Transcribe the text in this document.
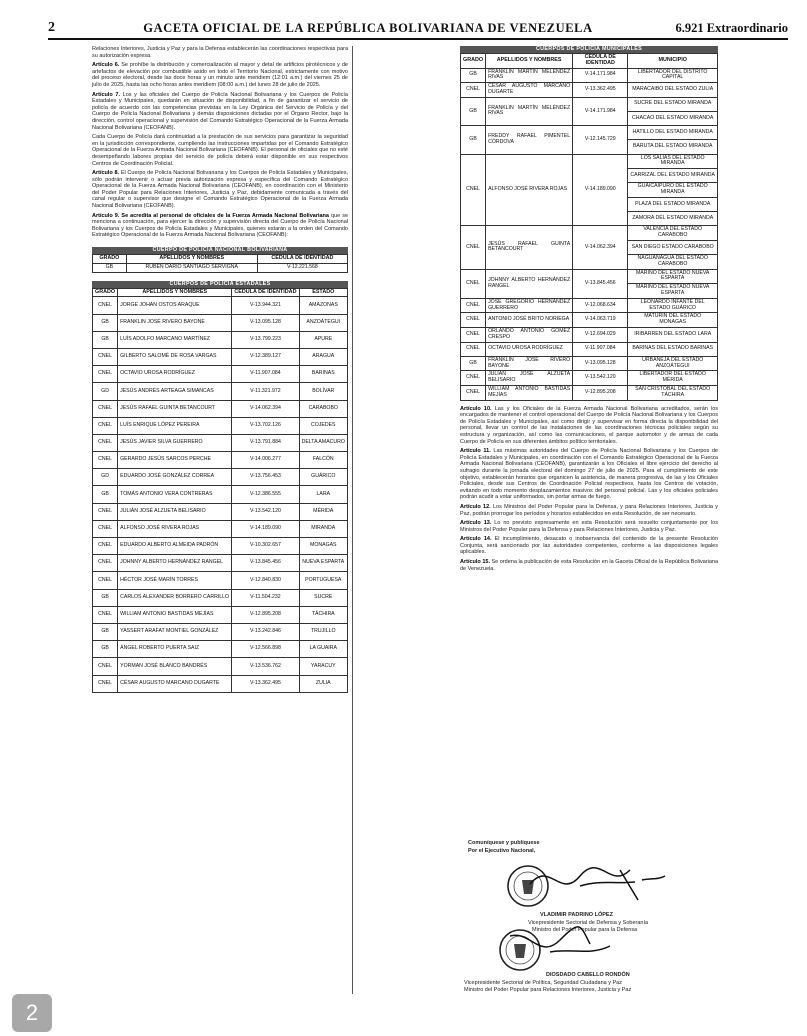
2	GACETA OFICIAL DE LA REPÚBLICA BOLIVARIANA DE VENEZUELA	6.921 Extraordinario

Relaciones Interiores, Justicia y Paz y para la Defensa establecerán las coordinaciones respectivas para su autorización expresa.

Artículo 6. Se prohíbe la distribución y comercialización al mayor y detal de artificios pirotécnicos y de artefactos de elevación por combustible asido en todo el Territorio Nacional, estrictamente con motivo del proceso electoral, desde las doce horas y un minuto ante meridiem (12:01 a.m.) del viernes 25 de julio de 2025, hasta las ocho horas antes meridiem (08:00 a.m.) del lunes 28 de julio de 2025.

Artículo 7. Los y las oficiales del Cuerpo de Policía Nacional Bolivariana y los Cuerpos de Policía Estadales y Municipales, quedarán en situación de disponibilidad, a fin de garantizar el servicio de policía de acuerdo con las competencias previstas en la Ley Orgánica del Servicio de Policía y del Cuerpo de Policía Nacional Bolivariana y demás disposiciones dictadas por el Órgano Rector, bajo la dirección, control operacional y supervisión del Comando Estratégico Operacional de la Fuerza Armada Nacional Bolivariana (CEOFANB).

Cada Cuerpo de Policía dará continuidad a la prestación de sus servicios para garantizar la seguridad en la jurisdicción correspondiente, cumpliendo las instrucciones impartidas por el Comando Estratégico Operacional de la Fuerza Armada Nacional Bolivariana (CEOFANB). El personal de oficiales que no esté desempeñando labores propias del servicio de policía deberá estar disponible en sus respectivos Centros de Coordinación Policial.

Artículo 8. El Cuerpo de Policía Nacional Bolivariana y los Cuerpos de Policía Estadales y Municipales, sólo podrán intervenir o actuar previa autorización expresa y específica del Comando Estratégico Operacional de la Fuerza Armada Nacional Bolivariana (CEOFANB), en coordinación con el Ministerio del Poder Popular para Relaciones Interiores, Justicia y Paz, debidamente comunicada a través del canal regular o supervisor que designe el Comando Estratégico Operacional de la Fuerza Armada Nacional Bolivariana (CEOFANB).

Artículo 9. Se acredita al personal de oficiales de la Fuerza Armada Nacional Bolivariana que se menciona a continuación, para ejercer la dirección y supervisión directa del Cuerpo de Policía Nacional Bolivariana y los Cuerpos de Policía Estadales y Municipales, quienes estarán a la orden del Comando Estratégico Operacional de la Fuerza Armada Nacional Bolivariana (CEOFANB):

CUERPO DE POLICÍA NACIONAL BOLIVARIANA
GRADO	APELLIDOS Y NOMBRES	CÉDULA DE IDENTIDAD
GB	RUBÉN DARÍO SANTIAGO SERVIGNA	V-12.221.568
CUERPOS DE POLICÍA ESTADALES
GRADO	APELLIDOS Y NOMBRES	CÉDULA DE IDENTIDAD	ESTADO
CNEL	JORGE JOHAN OSTOS ARAQUE	V-13.944.321	AMAZONAS
GB	FRANKLIN JOSÉ RIVERO BAYONE	V-13.095.128	ANZOÁTEGUI
GB	LUÍS ADOLFO MARCANO MARTÍNEZ	V-13.799.223	APURE
CNEL	GILBERTO SALOMÉ DE ROSA VARGAS	V-12.389.127	ARAGUA
CNEL	OCTAVIO UROSA RODRÍGUEZ	V-11.907.084	BARINAS
GD	JESÚS ANDRÉS ARTEAGA SIMANCAS	V-11.321.972	BOLÍVAR
CNEL	JESÚS RAFAEL GUINTA BETANCOURT	V-14.062.394	CARABOBO
CNEL	LUÍS ENRIQUE LÓPEZ PEREIRA	V-13.702.126	COJEDES
CNEL	JESÚS JAVIER SILVA GUERRERO	V-13.791.884	DELTA AMACURO
CNEL	GERARDO JESÚS SARCOS PERCHE	V-14.006.277	FALCÓN
GD	EDUARDO JOSÉ GONZÁLEZ CORREA	V-13.756.453	GUÁRICO
GB	TOMÁS ANTONIO VERA CONTRERAS	V-12.386.555	LARA
CNEL	JULIÁN JOSÉ ALZUETA BELISARIO	V-13.542.120	MÉRIDA
CNEL	ALFONSO JOSÉ RIVERA ROJAS	V-14.189.090	MIRANDA
CNEL	EDUARDO ALBERTO ALMEIDA PADRÓN	V-10.302.657	MONAGAS
CNEL	JOHNNY ALBERTO HERNÁNDEZ RANGEL	V-13.845.456	NUEVA ESPARTA
CNEL	HÉCTOR JOSÉ MARÍN TORRES	V-12.840.830	PORTUGUESA
GB	CARLOS ALEXANDER BORRERO CARRILLO	V-11.504.232	SUCRE
CNEL	WILLIAM ANTONIO BASTIDAS MEJÍAS	V-12.895.208	TÁCHIRA
GB	YASSERT ARAFAT MONTIEL GONZÁLEZ	V-13.242.846	TRUJILLO
GB	ÁNGEL ROBERTO PUERTA SAIZ	V-12.566.898	LA GUAIRA
CNEL	YORMAN JOSÉ BLANCO BANDRÉS	V-13.536.762	YARACUY
CNEL	CÉSAR AUGUSTO MARCANO DUGARTE	V-13.362.495	ZULIA
CUERPOS DE POLICÍA MUNICIPALES
GRADO	APELLIDOS Y NOMBRES	CÉDULA DE IDENTIDAD	MUNICIPIO
GB	FRANKLIN MARTÍN MELÉNDEZ RIVAS	V-14.171.984	LIBERTADOR DEL DISTRITO CAPITAL
CNEL	CÉSAR AUGUSTO MARCANO DUGARTE	V-13.362.495	MARACAIBO DEL ESTADO ZULIA
GB	FRANKLIN MARTÍN MELÉNDEZ RIVAS	V-14.171.984	SUCRE DEL ESTADO MIRANDA
			CHACAO DEL ESTADO MIRANDA
GB	FREDDY RAFAEL PIMENTEL CÓRDOVA	V-12.145.729	HATILLO DEL ESTADO MIRANDA
			BARUTA DEL ESTADO MIRANDA
CNEL	ALFONSO JOSÉ RIVERA ROJAS	V-14.189.090	LOS SALIAS DEL ESTADO MIRANDA
			CARRIZAL DEL ESTADO MIRANDA
			GUAICAIPURO DEL ESTADO MIRANDA
			PLAZA DEL ESTADO MIRANDA
			ZAMORA DEL ESTADO MIRANDA
CNEL	JESÚS RAFAEL GUINTA BETANCOURT	V-14.062.394	VALENCIA DEL ESTADO CARABOBO
			SAN DIEGO ESTADO CARABOBO
			NAGUANAGUA DEL ESTADO CARABOBO
CNEL	JOHNNY ALBERTO HERNÁNDEZ RANGEL	V-13.845.456	MARIÑO DEL ESTADO NUEVA ESPARTA
			MARIÑO DEL ESTADO NUEVA ESPARTA
CNEL	JOSÉ GREGORIO HERNÁNDEZ GUERRERO	V-12.068.634	LEONARDO INFANTE DEL ESTADO GUÁRICO
CNEL	ANTONIO JOSÉ BRITO NORIEGA	V-14.063.719	MATURÍN DEL ESTADO MONAGAS
CNEL	ORLANDO ANTONIO GÓMEZ CRESPO	V-12.694.029	IRIBARREN DEL ESTADO LARA
CNEL	OCTAVIO UROSA RODRÍGUEZ	V-11.907.084	BARINAS DEL ESTADO BARINAS
GB	FRANKLIN JOSÉ RIVERO BAYONE	V-13.095.128	URBANEJA DEL ESTADO ANZOÁTEGUI
CNEL	JULIÁN JOSÉ ALZUETA BELISARIO	V-13.542.120	LIBERTADOR DEL ESTADO MÉRIDA
CNEL	WILLIAM ANTONIO BASTIDAS MEJÍAS	V-12.895.208	SAN CRISTÓBAL DEL ESTADO TÁCHIRA

Artículo 10. Las y los Oficiales de la Fuerza Armada Nacional Bolivariana acreditados, serán los encargados de mantener el control operacional del Cuerpo de Policía Nacional Bolivariana y los Cuerpos de Policía Estadales y Municipales, así como dirigir y supervisar en forma directa la disponibilidad del personal, llevar un control de las instalaciones de las coordinaciones técnicas policiales según su estructura y organización, así como las comunicaciones, el parque automotor y de armas de cada Cuerpo de Policía en sus diferentes ámbitos político territoriales.

Artículo 11. Las máximas autoridades del Cuerpo de Policía Nacional Bolivariana y los Cuerpos de Policía Estadales y Municipales, en coordinación con el Comando Estratégico Operacional de la Fuerza Armada Nacional Bolivariana (CEOFANB), garantizarán a los Oficiales el libre ejercicio del derecho al sufragio durante la jornada electoral del domingo 27 de julio de 2025. Para el cumplimiento de este objetivo, establecerán horarios que organicen la asistencia, de manera progresiva, de las y los Oficiales Policiales, desde sus Centros de Coordinación Policial respectivos, hasta los Centros de votación, evitando en todo momento desplazamientos masivos del personal policial. Las y los oficiales policiales podrán acudir a votar uniformados, sin portar armas de fuego.

Artículo 12. Los Ministros del Poder Popular para la Defensa, y para Relaciones Interiores, Justicia y Paz, podrán prorrogar los períodos y horarios establecidos en esta Resolución, de ser necesario.

Artículo 13. Lo no previsto expresamente en esta Resolución será resuelto conjuntamente por los Ministros del Poder Popular para la Defensa y para Relaciones Interiores, Justicia y Paz.

Artículo 14. El incumplimiento, desacato o inobservancia del contenido de la presente Resolución Conjunta, será sancionado por las autoridades competentes, conforme a las disposiciones legales aplicables.

Artículo 15. Se ordena la publicación de esta Resolución en la Gaceta Oficial de la República Bolivariana de Venezuela.

Comuníquese y publíquese
Por el Ejecutivo Nacional,
VLADIMIR PADRINO LÓPEZ
Vicepresidente Sectorial de Defensa y Soberanía
Ministro del Poder Popular para la Defensa
DIOSDADO CABELLO RONDÓN
Vicepresidente Sectorial de Política, Seguridad Ciudadana y Paz
Ministro del Poder Popular para Relaciones Interiores, Justicia y Paz
2
